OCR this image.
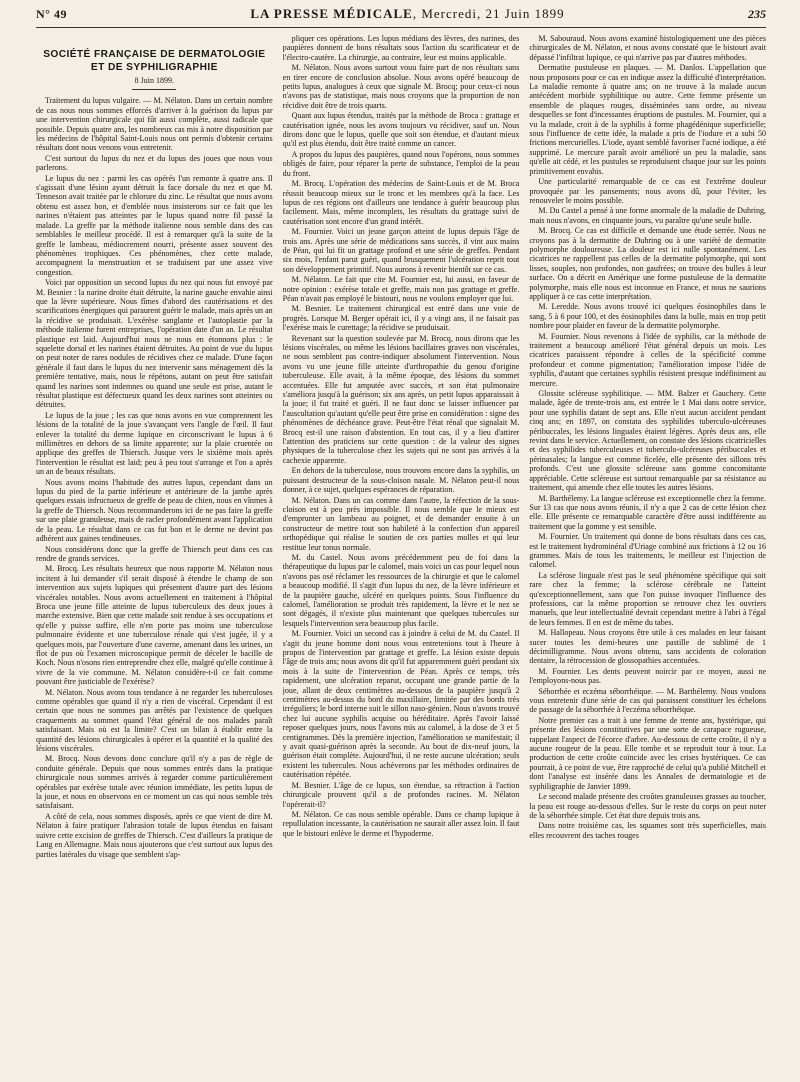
N° 49	LA PRESSE MÉDICALE, Mercredi, 21 Juin 1899	235
SOCIÉTÉ FRANÇAISE DE DERMATOLOGIE
ET DE SYPHILIGRAPHIE
8 Juin 1899.

Traitement du lupus vulgaire. — M. Nélaton. Dans un certain nombre de cas nous nous sommes efforcés d'arriver à la guérison du lupus par une intervention chirurgicale qui fût aussi complète, aussi radicale que possible. Depuis quatre ans, les nombreux cas mis à notre disposition par les médecins de l'hôpital Saint-Louis nous ont permis d'obtenir certains résultats dont nous venons vous entretenir.

C'est surtout du lupus du nez et du lupus des joues que nous vous parlerons.

Le lupus du nez : parmi les cas opérés l'un remonte à quatre ans. Il s'agissait d'une lésion ayant détruit la face dorsale du nez et que M. Tenneson avait traitée par le chlorure du zinc. Le résultat que nous avons obtenu est assez bon, et d'emblée nous insisterons sur ce fait que les narines n'étaient pas atteintes par le lupus quand notre fil passé la malade. La greffe par la méthode italienne nous semble dans des cas semblables le meilleur procédé. Il est à remarquer qu'à la suite de la greffe le lambeau, médiocrement nourri, présente assez souvent des phénomènes trophiques. Ces phénomènes, chez cette malade, accompagnent la menstruation et se traduisent par une assez vive congestion.

Voici par opposition un second lupus du nez qui nous fut envoyé par M. Besnier : la narine droite était détruite, la narine gauche envahie ainsi que la lèvre supérieure. Nous fîmes d'abord des cautérisations et des scarifications énergiques qui paraurent guérir le malade, mais après un an la récidive se produisait. L'exérèse sanglante et l'autoplastie par la méthode italienne furent entreprises, l'opération date d'un an. Le résultat plastique est laid. Aujourd'hui nous ne nous en étonnons plus : le squelette dorsal et les narines étaient détruites. Au point de vue du lupus on peut noter de rares nodules de récidives chez ce malade. D'une façon générale il faut dans le lupus du nez intervenir sans ménagement dès la première tentative, mais, nous le répétons, autant on peut être satisfait quand les narines sont indemnes ou quand une seule est prise, autant le résultat plastique est défectueux quand les deux narines sont atteintes ou détruites.

Le lupus de la joue ; les cas que nous avons en vue comprennent les lésions de la totalité de la joue s'avançant vers l'angle de l'œil. Il faut enlever la totalité du derme lupique en circonscrivant le lupus à 6 millimètres en dehors de sa limite apparente; sur la plaie cruentée on applique des greffes de Thiersch. Jusque vers le sixième mois après l'intervention le résultat est laid; peu à peu tout s'arrange et l'on a après un an de beaux résultats.

Nous avons moins l'habitude des autres lupus, cependant dans un lupus du pied de la partie inférieure et antérieure de la jambe après quelques essais infructueux de greffe de peau de chien, nous en vînmes à la greffe de Thiersch. Nous recommanderons ici de ne pas faire la greffe sur une plaie granuleuse, mais de racler profondément avant l'application de la peau. Le résultat dans ce cas fut bon et le derme ne devint pas adhérent aux gaines tendineuses.

Nous considérons donc que la greffe de Thiersch peut dans ces cas rendre de grands services.

M. Brocq. Les résultats heureux que nous rapporte M. Nélaton nous incitent à lui demander s'il serait disposé à étendre le champ de son intervention aux sujets lupiques qui présentent d'autre part des lésions viscérales notables. Nous avons actuellement en traitement à l'hôpital Broca une jeune fille atteinte de lupus tuberculeux des deux joues à marche extensive. Bien que cette malade soit rendue à ses occupations et qu'elle y puisse suffire, elle n'en porte pas moins une tuberculose pulmonaire évidente et une tuberculose rénale qui s'est jugée, il y a quelques mois, par l'ouverture d'une caverne, amenant dans les urines, un flot de pus où l'examen microscopique permit de déceler le bacille de Koch. Nous n'osons rien entreprendre chez elle, malgré qu'elle continue à vivre de la vie commune. M. Nélaton considère-t-il ce fait comme pouvant être justiciable de l'exérèse?

M. Nélaton. Nous avons tous tendance à ne regarder les tuberculoses comme opérables que quand il n'y a rien de viscéral. Cependant il est certain que nous ne sommes pas arrêtés par l'existence de quelques craquements au sommet quand l'état général de nos malades paraît satisfaisant. Mais où est la limite? C'est un bilan à établir entre la quantité des lésions chirurgicales à opérer et la quantité et la qualité des lésions viscérales.

M. Brocq. Nous devons donc conclure qu'il n'y a pas de règle de conduite générale. Depuis que nous sommes entrés dans la pratique chirurgicale nous sommes arrivés à regarder comme particulièrement opérables par exérèse totale avec réunion immédiate, les petits lupus de la joue, et nous en observons en ce moment un cas qui nous semble très satisfaisant.

A côté de cela, nous sommes disposés, après ce que vient de dire M. Nélaton à faire pratiquer l'abrasion totale de lupus étendus en faisant suivre cette excision de greffes de Thiersch. C'est d'ailleurs la pratique de Lang en Allemagne. Mais nous ajouterons que c'est surtout aux lupus des parties latérales du visage que semblent s'ap-

pliquer ces opérations. Les lupus médians des lèvres, des narines, des paupières donnent de bons résultats sous l'action du scarificateur et de l'électro-cautère. La chirurgie, au contraire, leur est moins applicable.

M. Nélaton. Nous avons surtout vouu faire part de nos résultats sans en tirer encore de conclusion absolue. Nous avons opéré beaucoup de petits lupus, analogues à ceux que signale M. Brocq; pour ceux-ci nous n'avons pas de statistique, mais nous croyons que la proportion de non récidive doit être de trois quarts.

Quant aux lupus étendus, traités par la méthode de Broca : grattage et cautérisation ignée, nous les avons toujours vu récidiver, sauf un. Nous dirons donc que le lupus, quelle que soit son étendue, et d'autant mieux qu'il est plus étendu, doit être traité comme un cancer.

A propos du lupus des paupières, quand nous l'opérons, nous sommes obligés de faire, pour réparer la perte de substance, l'emploi de la peau du front.

M. Brocq. L'opération des médecins de Saint-Louis et de M. Broca réussit beaucoup mieux sur le tronc et les membres qu'à la face. Les lupus de ces régions ont d'ailleurs une tendance à guérir beaucoup plus facilement. Mais, même incomplets, les résultats du grattage suivi de cautérisation sont encore d'un grand intérêt.

M. Fournier. Voici un jeune garçon atteint de lupus depuis l'âge de trois ans. Après une série de médications sans succès, il vint aux mains de Péan, qui lui fit un grattage profond et une série de greffes. Pendant six mois, l'enfant parut guéri, quand brusquement l'ulcération reprit tout son développement primitif. Nous aurons à revenir bientôt sur ce cas.

M. Nélaton. Le fait que cite M. Fournier est, lui aussi, en faveur de notre opinion : exérèse totale et greffe, mais non pas grattage et greffe. Péan n'avait pas employé le bistouri, nous ne voulons employer que lui.

M. Besnier. Le traitement chirurgical est entré dans une voie de progrès. Lorsque M. Berger opérait ici, il y a vingt ans, il ne faisait pas l'exérèse mais le curettage; la récidive se produisait.

Revenant sur la question soulevée par M. Brocq, nous dirons que les lésions viscérales, ou même les lésions bacillaires graves non viscérales, ne nous semblent pas contre-indiquer absolument l'intervention. Nous avons vu une jeune fille atteinte d'arthropathie du genou d'origine tuberculeuse. Elle avait, à la même époque, des lésions du sommet accentuées. Elle fut amputée avec succès, et son état pulmonaire s'améliora jusqu'à la guérison; six ans après, un petit lupus apparaissait à la joue; il fut traité et guéri. Il ne faut donc se laisser influencer par l'auscultation qu'autant qu'elle peut être prise en considération : signe des phénomènes de déchéance grave. Peut-être l'état rénal que signalait M. Brocq est-il une raison d'abstention. En tout cas, il y a lieu d'attirer l'attention des praticiens sur cette question : de la valeur des signes physiques de la tuberculose chez les sujets qui ne sont pas arrivés à la cachexie apparente.

En dehors de la tuberculose, nous trouvons encore dans la syphilis, un puissant destructeur de la sous-cloison nasale. M. Nélaton peut-il nous donner, à ce sujet, quelques espérances de réparation.

M. Nélaton. Dans un cas comme dans l'autre, la réfection de la sous-cloison est à peu près impossible. Il nous semble que le mieux est d'emprunter un lambeau au poignet, et de demander ensuite à un constructeur de mettre tout son habileté à la confection d'un appareil orthopédique qui réalise le soutien de ces parties molles et qui leur restitue leur tonus normale.

M. du Castel. Nous avons précédemment peu de foi dans la thérapeutique du lupus par le calomel, mais voici un cas pour lequel nous n'avons pas osé réclamer les ressources de la chirurgie et que le calomel a beaucoup modifié. Il s'agit d'un lupus du nez, de la lèvre inférieure et de la paupière gauche, ulcéré en quelques points. Sous l'influence du calomel, l'amélioration se produit très rapidement, la lèvre et le nez se sont dégagés, il n'existe plus maintenant que quelques tubercules sur lesquels l'intervention sera beaucoup plus facile.

M. Fournier. Voici un second cas à joindre à celui de M. du Castel. Il s'agit du jeune homme dont nous vous entretenions tout à l'heure à propos de l'intervention par grattage et greffe. La lésion existe depuis l'âge de trois ans; nous avons dit qu'il fut apparemment guéri pendant six mois à la suite de l'intervention de Péan. Après ce temps, très rapidement, une ulcération reparut, occupant une grande partie de la joue, allant de deux centimètres au-dessous de la paupière jusqu'à 2 centimètres au-dessus du bord du maxillaire, limitée par des bords très irréguliers; le bord interne suit le sillon naso-génien. Nous n'avons trouvé chez lui aucune syphilis acquise ou héréditaire. Après l'avoir laissé reposer quelques jours, nous l'avons mis au calomel, à la dose de 3 et 5 centigrammes. Dès la première injection, l'amélioration se manifestait; il y avait quasi-guérison après la seconde. Au bout de dix-neuf jours, la guérison était complète. Aujourd'hui, il ne reste aucune ulcération; seuls existent les tubercules. Nous achèverons par les méthodes ordinaires de cautérisation répétée.

M. Besnier. L'âge de ce lupus, son étendue, sa rétraction à l'action chirurgicale prouvent qu'il a de profondes racines. M. Nélaton l'opérerait-il?

M. Nélaton. Ce cas nous semble opérable. Dans ce champ lupique à repullulation incessante, la cautérisation ne saurait aller assez loin. Il faut que le bistouri enlève le derme et l'hypoderme.

M. Sabouraud. Nous avons examiné histologiquement une des pièces chirurgicales de M. Nélaton, et nous avons constaté que le bistouri avait dépassé l'infiltrat lupique, ce qui n'arrive pas par d'autres méthodes.

Dermatite pustuleuse en plaques. — M. Danlos. L'appellation que nous proposons pour ce cas en indique assez la difficulté d'interprétation. La maladie remonte à quatre ans; on ne trouve à la malade aucun antécédent morbide syphilitique ou autre. Cette femme présente un ensemble de plaques rouges, disséminées sans ordre, au niveau desquelles se font d'incessantes éruptions de pustules. M. Fournier, qui a vu la malade, croit à de la syphilis à forme phagédénique superficielle; sous l'influence de cette idée, la malade a pris de l'iodure et a subi 50 frictions mercurielles. L'iode, ayant semblé favoriser l'acné iodique, a été supprimé. Le mercure paraît avoir amélioré un peu la maladie, sans qu'elle ait cédé, et les pustules se reproduisent chaque jour sur les points primitivement envahis.

Une particularité remarquable de ce cas est l'extrême douleur provoquée par les pansements; nous avons dû, pour l'éviter, les renouveler le moins possible.

M. Du Castel a pensé à une forme anormale de la maladie de Duhring, mais nous n'avons, en cinquante jours, vu paraître qu'une seule bulle.

M. Brocq. Ce cas est difficile et demande une étude serrée. Nous ne croyons pas à la dermatite de Duhring ou à une variété de dermatite polymorphe douloureuse. La douleur est ici nulle spontanément. Les cicatrices ne rappellent pas celles de la dermatite polymorphe, qui sont lisses, souples, non profondes, non gaufrées; on trouve des bulles à leur surface. On a décrit en Amérique une forme pustuleuse de la dermatite polymorphe, mais elle nous est inconnue en France, et nous ne saurions appliquer à ce cas cette interprétation.

M. Leredde. Nous avons trouvé ici quelques éosinophiles dans le sang, 5 à 6 pour 100, et des éosinophiles dans la bulle, mais en trop petit nombre pour plaider en faveur de la dermatite polymorphe.

M. Fournier. Nous revenons à l'idée de syphilis, car la méthode de traitement a beaucoup amélioré l'état général depuis un mois. Les cicatrices paraissent répondre à celles de la spécificité comme profondeur et comme pigmentation; l'amélioration impose l'idée de syphilis, d'autant que certaines syphilis résistent presque indéfiniment au mercure.

Glossite scléreuse syphilitique. — MM. Balzer et Gauchery. Cette malade, âgée de trente-trois ans, est entrée le 1 Mai dans notre service, pour une syphilis datant de sept ans. Elle n'eut aucun accident pendant cinq ans; en 1897, on constata des syphilides tuberculo-ulcéreuses péribuccales, les lésions linguales étaient légères. Après deux ans, elle revint dans le service. Actuellement, on constate des lésions cicatricielles et des syphilides tuberculeuses et tuberculo-ulcéreuses péribuccales et périnasales; la langue est comme ficelée, elle présente des sillons très profonds. C'est une glossite scléreuse sans gomme concomitante appréciable. Cette scléreuse est surtout remarquable par sa résistance au traitement, qui amende chez elle toutes les autres lésions.

M. Barthélemy. La langue scléreuse est exceptionnelle chez la femme. Sur 13 cas que nous avons réunis, il n'y a que 2 cas de cette lésion chez elle. Elle présente ce remarquable caractère d'être aussi indifférente au traitement que la gomme y est sensible.

M. Fournier. Un traitement qui donne de bons résultats dans ces cas, est le traitement hydrominéral d'Uriage combiné aux frictions à 12 ou 16 grammes. Mais de tous les traitements, le meilleur est l'injection de calomel.

La sclérose linguale n'est pas le seul phénomène spécifique qui soit rare chez la femme; la sclérose cérébrale ne l'atteint qu'exceptionnellement, sans que l'on puisse invoquer l'influence des professions, car la même proportion se retrouve chez les ouvriers manuels, que leur intellectualité devrait cependant mettre à l'abri à l'égal de leurs femmes. Il en est de même du tabes.

M. Hallopeau. Nous croyons être utile à ces malades en leur faisant sucer toutes les demi-heures une pastille de sublimé de 1 décimilligramme. Nous avons obtenu, sans accidents de coloration dentaire, la rétrocession de glossopathies accentuées.

M. Fournier. Les dents peuvent noircir par ce moyen, aussi ne l'employons-nous pas.

Séborrhée et eczéma séborrhéique. — M. Barthélemy. Nous voulons vous entretenir d'une série de cas qui paraissent constituer les échelons de passage de la séborrhée à l'eczéma séborrhéique.

Notre premier cas a trait à une femme de trente ans, hystérique, qui présente des lésions constitutives par une sorte de carapace rugueuse, rappelant l'aspect de l'écorce d'arbre. Au-dessous de cette croûte, il n'y a aucune rougeur de la peau. Elle tombe et se reproduit tour à tour. La production de cette croûte coïncide avec les crises hystériques. Ce cas pourrait, à ce point de vue, être rapproché de celui qu'a publié Mitchell et dont l'analyse est insérée dans les Annales de dermatologie et de syphiligraphie de Janvier 1899.

Le second malade présente des croûtes granuleuses grasses au toucher, la peau est rouge au-dessous d'elles. Sur le reste du corps on peut noter de la séborrhée simple. Cet état dure depuis trois ans.

Dans notre troisième cas, les squames sont très superficielles, mais elles recouvrent des taches rouges
